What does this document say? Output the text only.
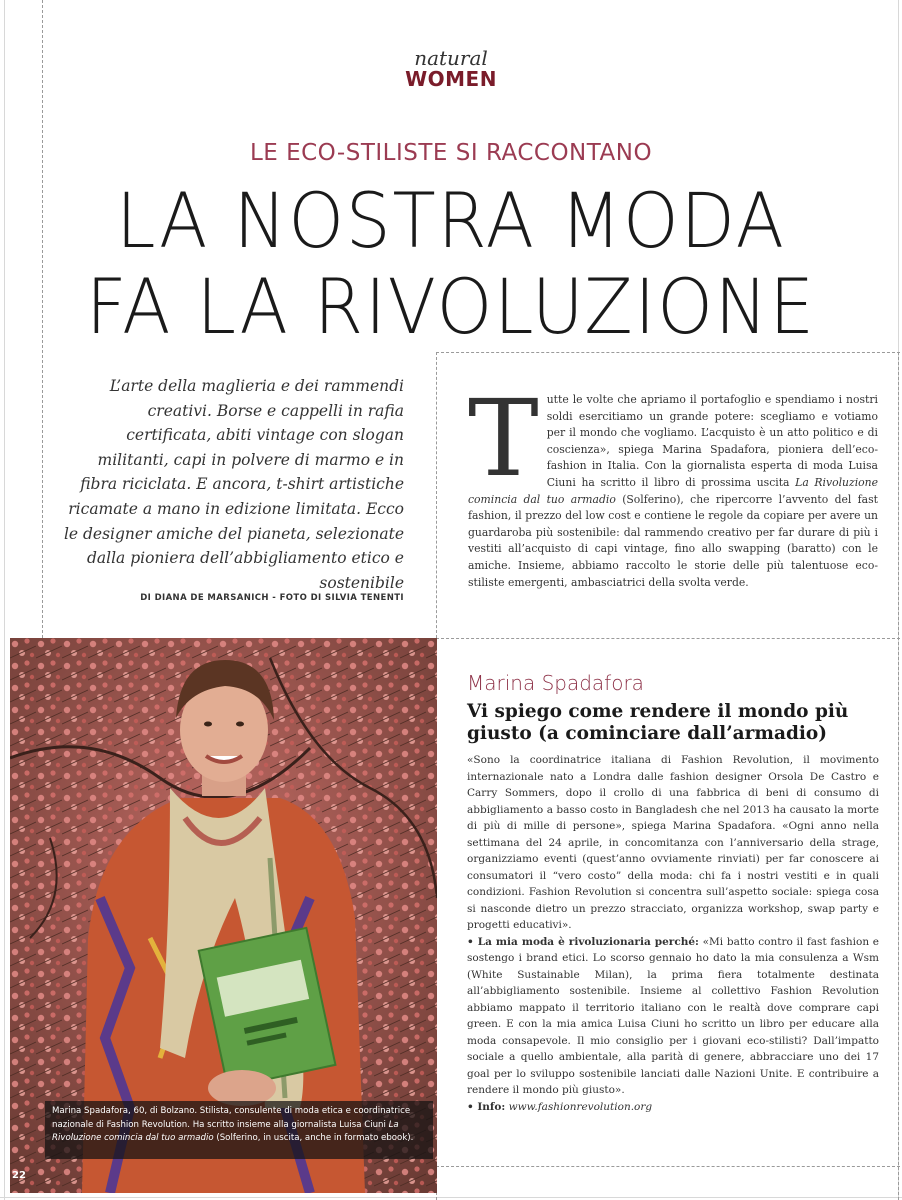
natural
WOMEN
LE ECO-STILISTE SI RACCONTANO
LA NOSTRA MODA
FA LA RIVOLUZIONE
L’arte della maglieria e dei rammendi creativi. Borse e cappelli in rafia certificata, abiti vintage con slogan militanti, capi in polvere di marmo e in fibra riciclata. E ancora, t-shirt artistiche ricamate a mano in edizione limitata. Ecco le designer amiche del pianeta, selezionate dalla pioniera dell’abbigliamento etico e sostenibile
DI DIANA DE MARSANICH - FOTO DI SILVIA TENENTI
Tutte le volte che apriamo il portafoglio e spendiamo i nostri soldi esercitiamo un grande potere: scegliamo e votiamo per il mondo che vogliamo. L’acquisto è un atto politico e di coscienza», spiega Marina Spadafora, pioniera dell’eco-fashion in Italia. Con la giornalista esperta di moda Luisa Ciuni ha scritto il libro di prossima uscita La Rivoluzione comincia dal tuo armadio (Solferino), che ripercorre l’avvento del fast fashion, il prezzo del low cost e contiene le regole da copiare per avere un guardaroba più sostenibile: dal rammendo creativo per far durare di più i vestiti all’acquisto di capi vintage, fino allo swapping (baratto) con le amiche. Insieme, abbiamo raccolto le storie delle più talentuose eco-stiliste emergenti, ambasciatrici della svolta verde.
Marina Spadafora, 60, di Bolzano. Stilista, consulente di moda etica e coordinatrice nazionale di Fashion Revolution. Ha scritto insieme alla giornalista Luisa Ciuni La Rivoluzione comincia dal tuo armadio (Solferino, in uscita, anche in formato ebook).
22
Marina Spadafora
Vi spiego come rendere il mondo più giusto (a cominciare dall’armadio)

«Sono la coordinatrice italiana di Fashion Revolution, il movimento internazionale nato a Londra dalle fashion designer Orsola De Castro e Carry Sommers, dopo il crollo di una fabbrica di beni di consumo di abbigliamento a basso costo in Bangladesh che nel 2013 ha causato la morte di più di mille di persone», spiega Marina Spadafora. «Ogni anno nella settimana del 24 aprile, in concomitanza con l’anniversario della strage, organizziamo eventi (quest’anno ovviamente rinviati) per far conoscere ai consumatori il “vero costo” della moda: chi fa i nostri vestiti e in quali condizioni. Fashion Revolution si concentra sull’aspetto sociale: spiega cosa si nasconde dietro un prezzo stracciato, organizza workshop, swap party e progetti educativi».

• La mia moda è rivoluzionaria perché: «Mi batto contro il fast fashion e sostengo i brand etici. Lo scorso gennaio ho dato la mia consulenza a Wsm (White Sustainable Milan), la prima fiera totalmente destinata all’abbigliamento sostenibile. Insieme al collettivo Fashion Revolution abbiamo mappato il territorio italiano con le realtà dove comprare capi green. E con la mia amica Luisa Ciuni ho scritto un libro per educare alla moda consapevole. Il mio consiglio per i giovani eco-stilisti? Dall’impatto sociale a quello ambientale, alla parità di genere, abbracciare uno dei 17 goal per lo sviluppo sostenibile lanciati dalle Nazioni Unite. E contribuire a rendere il mondo più giusto».

• Info: www.fashionrevolution.org
